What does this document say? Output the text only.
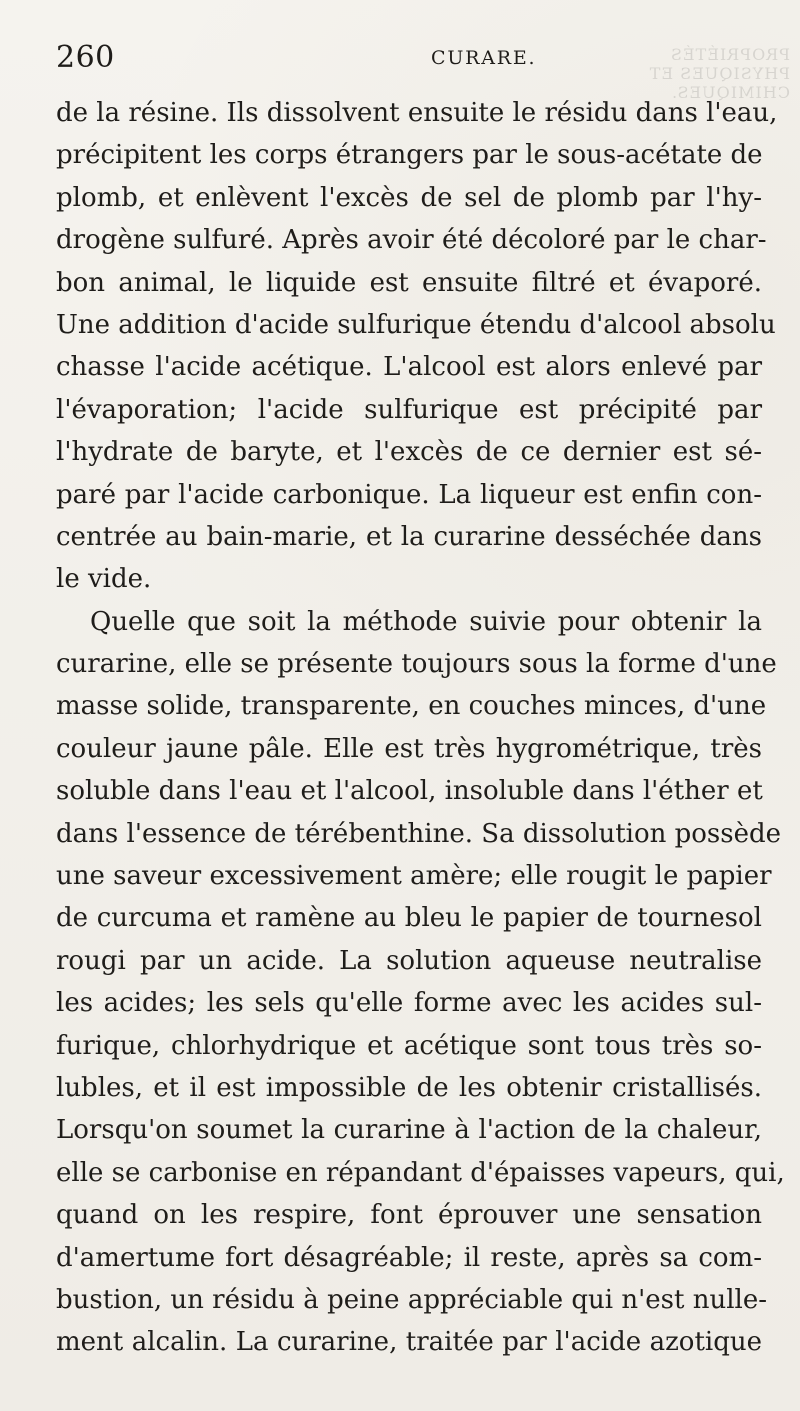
260	CURARE.	PROPRIÉTÉS PHYSIQUES ET CHIMIQUES.
de la résine. Ils dissolvent ensuite le résidu dans l'eau,
précipitent les corps étrangers par le sous-acétate de
plomb, et enlèvent l'excès de sel de plomb par l'hy-
drogène sulfuré. Après avoir été décoloré par le char-
bon animal, le liquide est ensuite filtré et évaporé.
Une addition d'acide sulfurique étendu d'alcool absolu
chasse l'acide acétique. L'alcool est alors enlevé par
l'évaporation; l'acide sulfurique est précipité par
l'hydrate de baryte, et l'excès de ce dernier est sé-
paré par l'acide carbonique. La liqueur est enfin con-
centrée au bain-marie, et la curarine desséchée dans
le vide.
Quelle que soit la méthode suivie pour obtenir la
curarine, elle se présente toujours sous la forme d'une
masse solide, transparente, en couches minces, d'une
couleur jaune pâle. Elle est très hygrométrique, très
soluble dans l'eau et l'alcool, insoluble dans l'éther et
dans l'essence de térébenthine. Sa dissolution possède
une saveur excessivement amère; elle rougit le papier
de curcuma et ramène au bleu le papier de tournesol
rougi par un acide. La solution aqueuse neutralise
les acides; les sels qu'elle forme avec les acides sul-
furique, chlorhydrique et acétique sont tous très so-
lubles, et il est impossible de les obtenir cristallisés.
Lorsqu'on soumet la curarine à l'action de la chaleur,
elle se carbonise en répandant d'épaisses vapeurs, qui,
quand on les respire, font éprouver une sensation
d'amertume fort désagréable; il reste, après sa com-
bustion, un résidu à peine appréciable qui n'est nulle-
ment alcalin. La curarine, traitée par l'acide azotique
